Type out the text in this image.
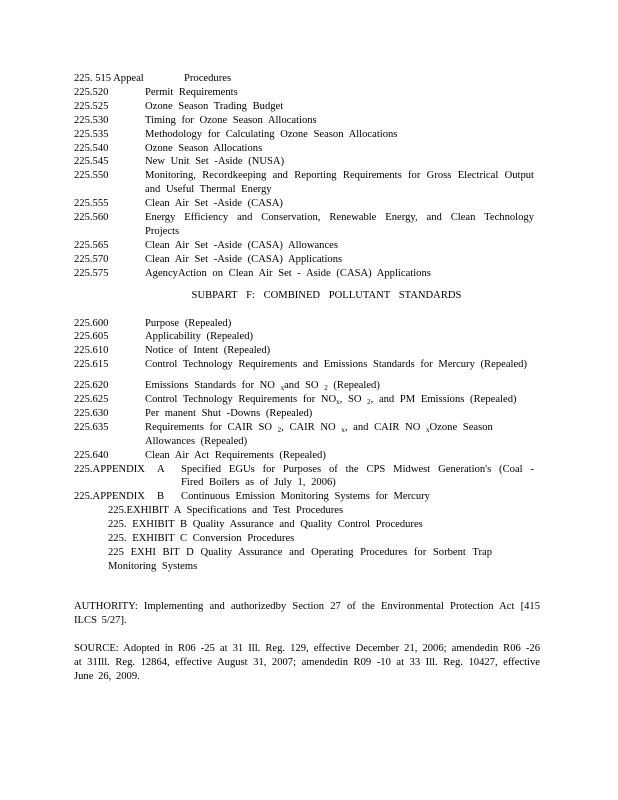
225. 515 Appeal	Procedures
225.520	Permit Requirements
225.525	Ozone Season Trading Budget
225.530	Timing for Ozone Season Allocations
225.535	Methodology for Calculating Ozone Season Allocations
225.540	Ozone Season Allocations
225.545	New Unit Set -Aside (NUSA)
225.550	Monitoring, Recordkeeping and Reporting Requirements for Gross Electrical Output and Useful Thermal Energy
225.555	Clean Air Set -Aside (CASA)
225.560	Energy Efficiency and Conservation, Renewable Energy, and Clean Technology Projects
225.565	Clean Air Set -Aside (CASA) Allowances
225.570	Clean Air Set -Aside (CASA) Applications
225.575	AgencyAction on Clean Air Set - Aside (CASA) Applications
SUBPART F: COMBINED POLLUTANT STANDARDS
225.600	Purpose (Repealed)
225.605	Applicability (Repealed)
225.610	Notice of Intent (Repealed)
225.615	Control Technology Requirements and Emissions Standards for Mercury (Repealed)
225.620	Emissions Standards for NO $_x$and SO $_2$ (Repealed)
225.625	Control Technology Requirements for $NO_x$, SO $_2$, and PM Emissions (Repealed)
225.630	Per manent Shut -Downs (Repealed)
225.635	Requirements for CAIR SO $_2$, CAIR NO $_x$, and CAIR NO $_x$Ozone Season Allowances (Repealed)
225.640	Clean Air Act Requirements (Repealed)
225.APPENDIX	A	Specified EGUs for Purposes of the CPS Midwest Generation's (Coal - Fired Boilers as of July 1, 2006)
225.APPENDIX	B	Continuous Emission Monitoring Systems for Mercury
225.EXHIBIT A Specifications and Test Procedures
225. EXHIBIT B Quality Assurance and Quality Control Procedures
225. EXHIBIT C Conversion Procedures
225 EXHI BIT D Quality Assurance and Operating Procedures for Sorbent Trap Monitoring Systems
AUTHORITY: Implementing and authorizedby Section 27 of the Environmental Protection Act [415 ILCS 5/27].
SOURCE: Adopted in R06 -25 at 31 Ill. Reg. 129, effective December 21, 2006; amendedin R06 -26 at 31Ill. Reg. 12864, effective August 31, 2007; amendedin R09 -10 at 33 Ill. Reg. 10427, effective June 26, 2009.
